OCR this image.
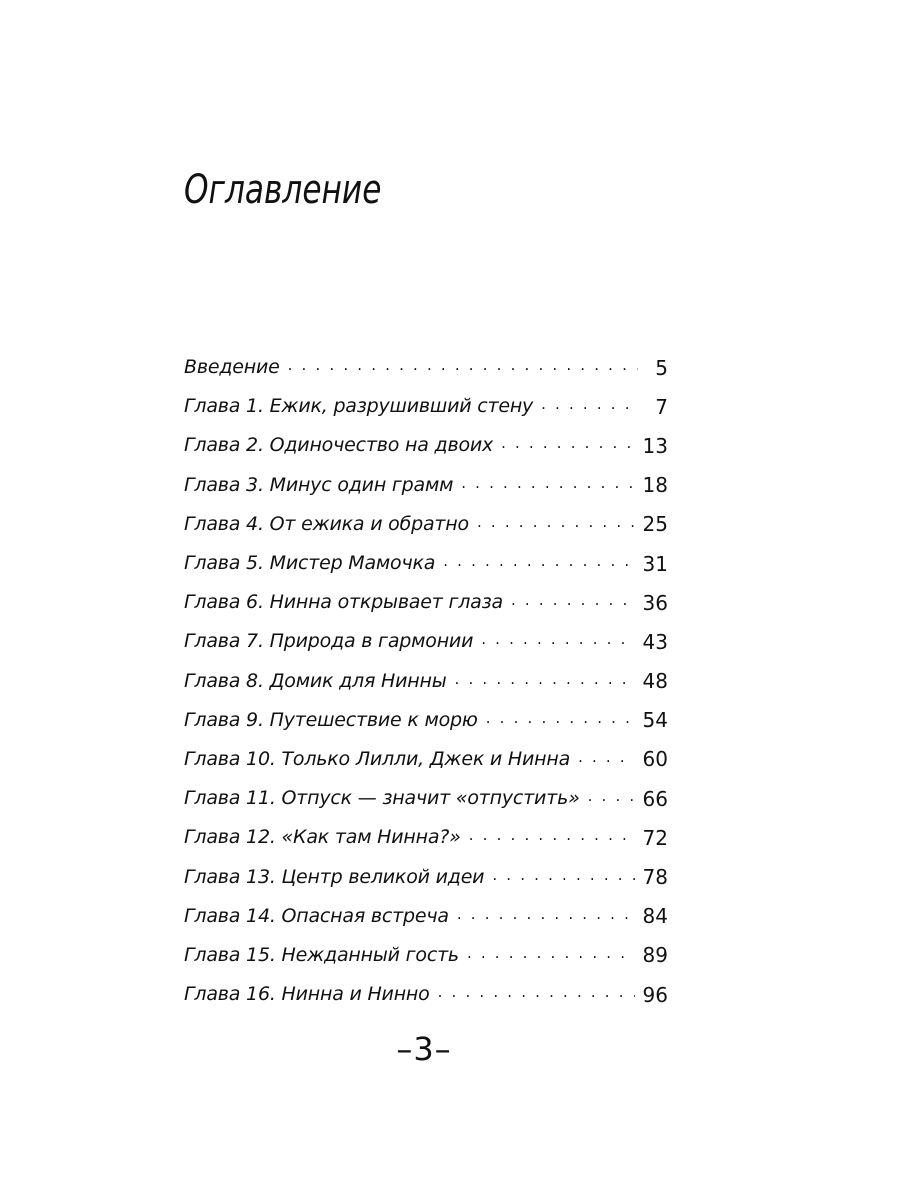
Оглавление
Введение . . .	5
Глава 1. Ежик, разрушивший стену . . .	7
Глава 2. Одиночество на двоих . . .	13
Глава 3. Минус один грамм . . .	18
Глава 4. От ежика и обратно . . .	25
Глава 5. Мистер Мамочка . . .	31
Глава 6. Нинна открывает глаза . . .	36
Глава 7. Природа в гармонии . . .	43
Глава 8. Домик для Нинны . . .	48
Глава 9. Путешествие к морю . . .	54
Глава 10. Только Лилли, Джек и Нинна . . .	60
Глава 11. Отпуск — значит «отпустить» . . .	66
Глава 12. «Как там Нинна?» . . .	72
Глава 13. Центр великой идеи . . .	78
Глава 14. Опасная встреча . . .	84
Глава 15. Нежданный гость . . .	89
Глава 16. Нинна и Нинно . . .	96
–3–
